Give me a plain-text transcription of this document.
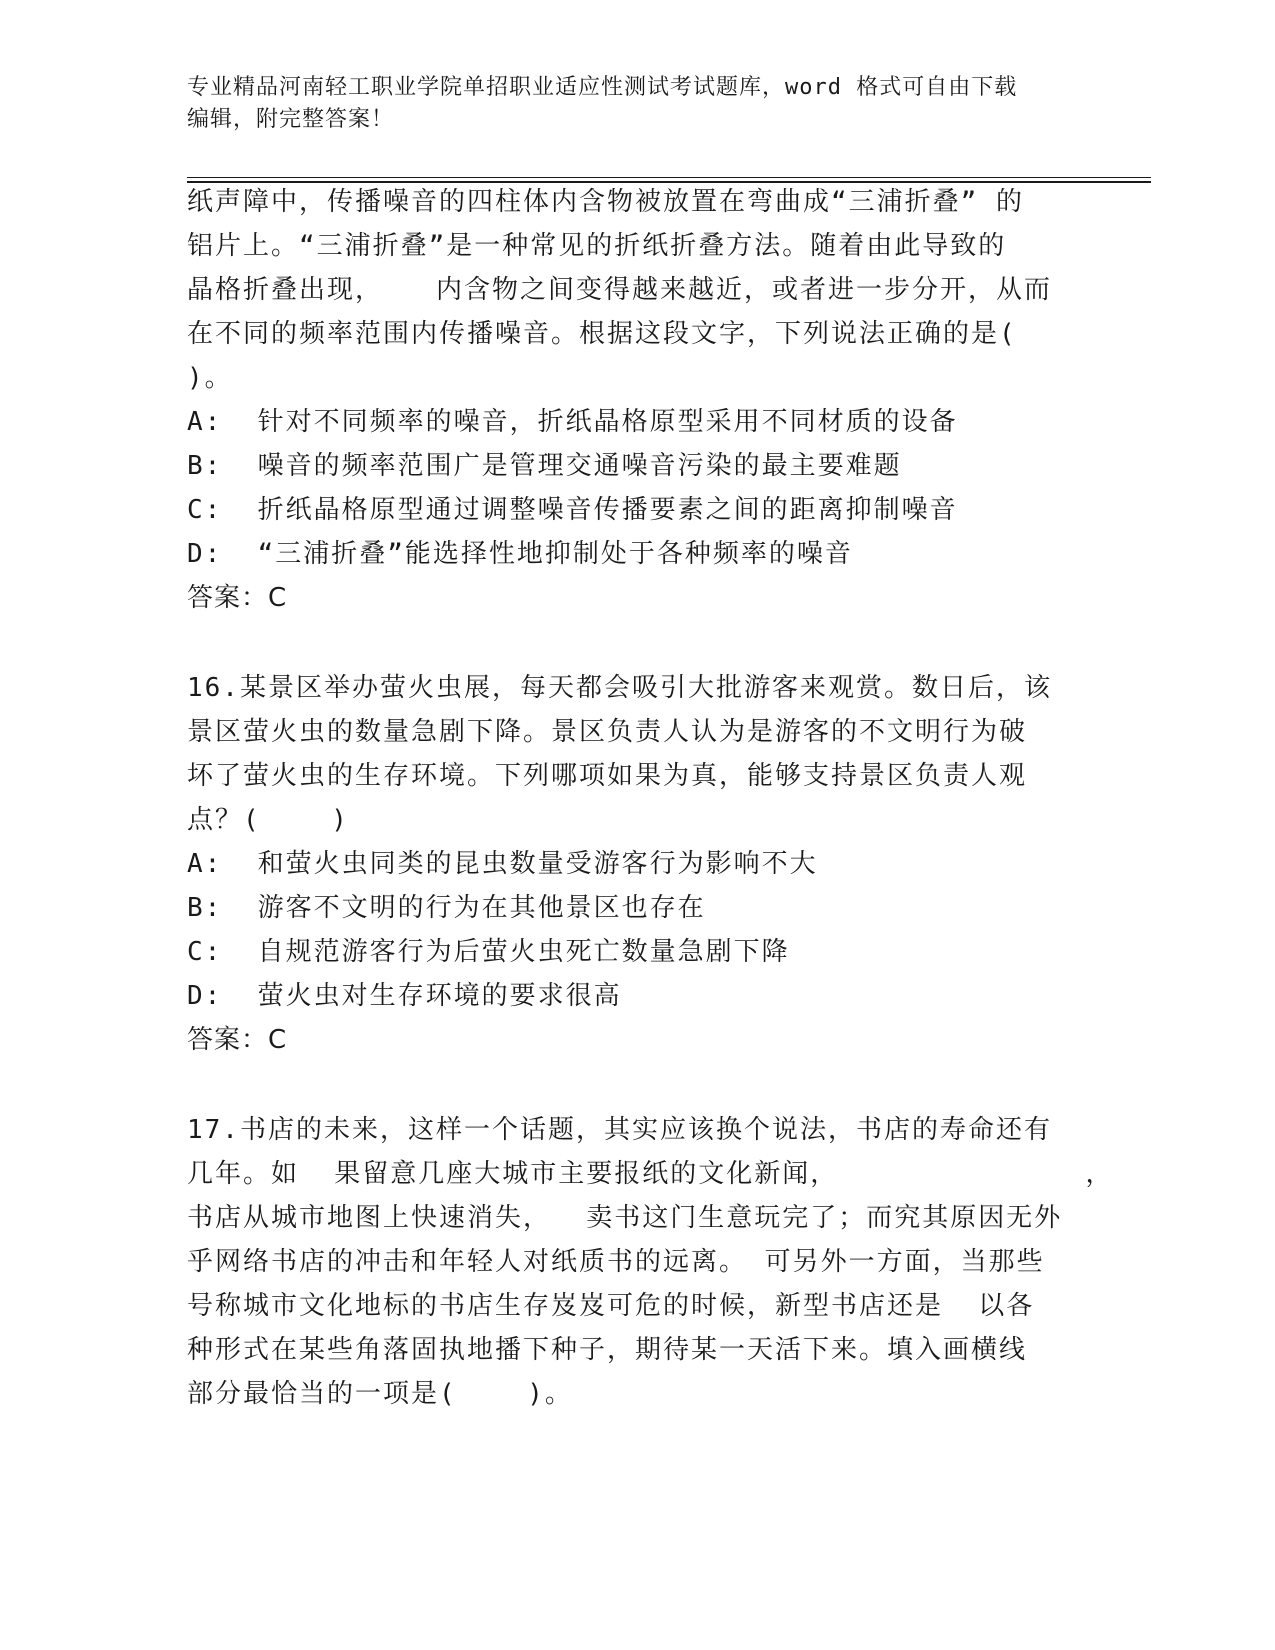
专业精品河南轻工职业学院单招职业适应性测试考试题库，word 格式可自由下载
编辑，附完整答案！
纸声障中，传播噪音的四柱体内含物被放置在弯曲成“三浦折叠” 的
铝片上。“三浦折叠”是一种常见的折纸折叠方法。随着由此导致的
晶格折叠出现，   内含物之间变得越来越近，或者进一步分开，从而
在不同的频率范围内传播噪音。根据这段文字，下列说法正确的是(
)。
A:  针对不同频率的噪音，折纸晶格原型采用不同材质的设备
B:  噪音的频率范围广是管理交通噪音污染的最主要难题
C:  折纸晶格原型通过调整噪音传播要素之间的距离抑制噪音
D:  “三浦折叠”能选择性地抑制处于各种频率的噪音
答案：C
16.某景区举办萤火虫展，每天都会吸引大批游客来观赏。数日后，该
景区萤火虫的数量急剧下降。景区负责人认为是游客的不文明行为破
坏了萤火虫的生存环境。下列哪项如果为真，能够支持景区负责人观
点？(    )
A:  和萤火虫同类的昆虫数量受游客行为影响不大
B:  游客不文明的行为在其他景区也存在
C:  自规范游客行为后萤火虫死亡数量急剧下降
D:  萤火虫对生存环境的要求很高
答案：C
17.书店的未来，这样一个话题，其实应该换个说法，书店的寿命还有
几年。如  果留意几座大城市主要报纸的文化新闻，              ，
书店从城市地图上快速消失，  卖书这门生意玩完了；而究其原因无外
乎网络书店的冲击和年轻人对纸质书的远离。 可另外一方面，当那些
号称城市文化地标的书店生存岌岌可危的时候，新型书店还是  以各
种形式在某些角落固执地播下种子，期待某一天活下来。填入画横线
部分最恰当的一项是(    )。
